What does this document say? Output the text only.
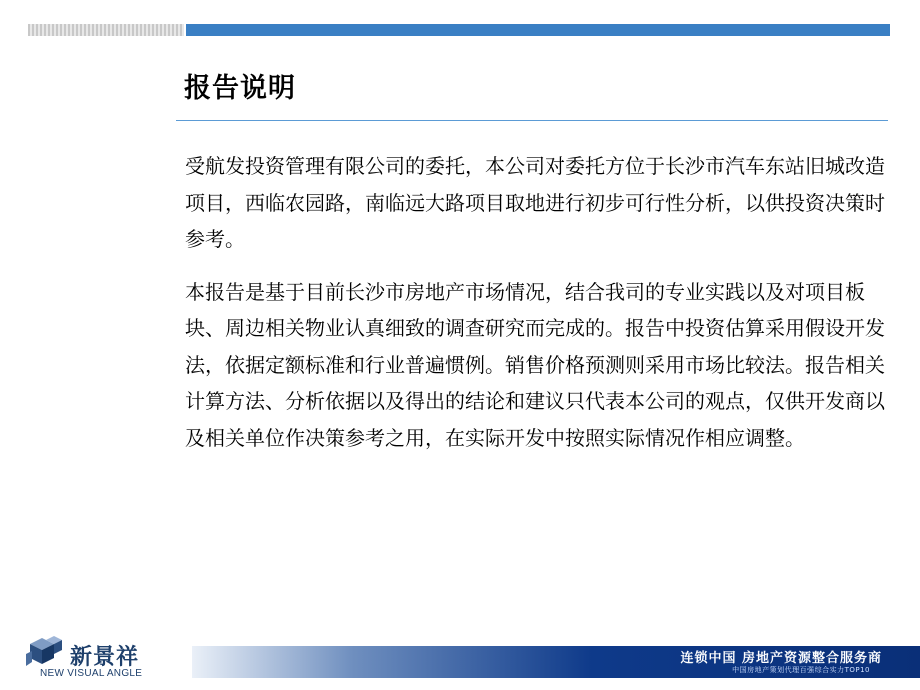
报告说明

受航发投资管理有限公司的委托，本公司对委托方位于长沙市汽车东站旧城改造项目，西临农园路，南临远大路项目取地进行初步可行性分析，以供投资决策时参考。

本报告是基于目前长沙市房地产市场情况，结合我司的专业实践以及对项目板块、周边相关物业认真细致的调查研究而完成的。报告中投资估算采用假设开发法，依据定额标准和行业普遍惯例。销售价格预测则采用市场比较法。报告相关计算方法、分析依据以及得出的结论和建议只代表本公司的观点，仅供开发商以及相关单位作决策参考之用，在实际开发中按照实际情况作相应调整。

新景祥
NEW VISUAL ANGLE
连锁中国 房地产资源整合服务商
中国房地产策划代理百强综合实力TOP10
